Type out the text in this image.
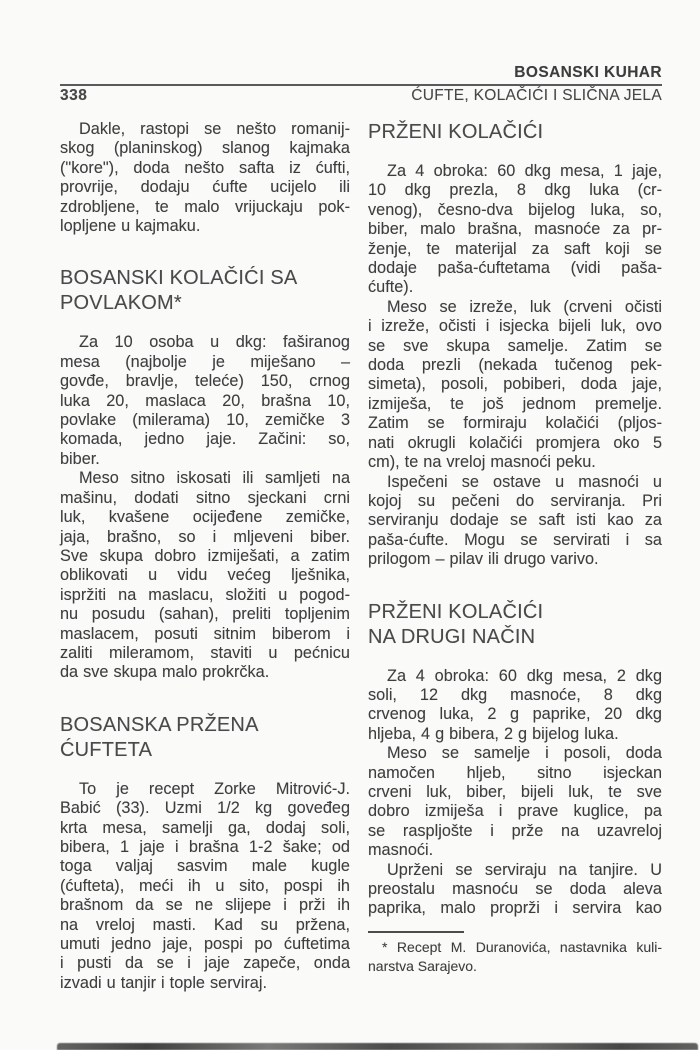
BOSANSKI KUHAR
338	ĆUFTE, KOLAČIĆI I SLIČNA JELA
Dakle, rastopi se nešto romanij-
skog (planinskog) slanog kajmaka
("kore"), doda nešto safta iz ćufti,
provrije, dodaju ćufte ucijelo ili
zdrobljene, te malo vrijuckaju pok-
lopljene u kajmaku.
BOSANSKI KOLAČIĆI SA
POVLAKOM*
Za 10 osoba u dkg: faširanog
mesa (najbolje je miješano –
govđe, bravlje, teleće) 150, crnog
luka 20, maslaca 20, brašna 10,
povlake (milerama) 10, zemičke 3
komada, jedno jaje. Začini: so,
biber.
Meso sitno iskosati ili samljeti na
mašinu, dodati sitno sjeckani crni
luk, kvašene ocijeđene zemičke,
jaja, brašno, so i mljeveni biber.
Sve skupa dobro izmiješati, a zatim
oblikovati u vidu većeg lješnika,
ispržiti na maslacu, složiti u pogod-
nu posudu (sahan), preliti topljenim
maslacem, posuti sitnim biberom i
zaliti mileramom, staviti u pećnicu
da sve skupa malo prokrčka.
BOSANSKA PRŽENA
ĆUFTETA
To je recept Zorke Mitrović-J.
Babić (33). Uzmi 1/2 kg goveđeg
krta mesa, samelji ga, dodaj soli,
bibera, 1 jaje i brašna 1-2 šake; od
toga valjaj sasvim male kugle
(ćufteta), meći ih u sito, pospi ih
brašnom da se ne slijepe i prži ih
na vreloj masti. Kad su pržena,
umuti jedno jaje, pospi po ćuftetima
i pusti da se i jaje zapeče, onda
izvadi u tanjir i tople serviraj.
PRŽENI KOLAČIĆI
Za 4 obroka: 60 dkg mesa, 1 jaje,
10 dkg prezla, 8 dkg luka (cr-
venog), česno-dva bijelog luka, so,
biber, malo brašna, masnoće za pr-
ženje, te materijal za saft koji se
dodaje paša-ćuftetama (vidi paša-
ćufte).
Meso se izreže, luk (crveni očisti
i izreže, očisti i isjecka bijeli luk, ovo
se sve skupa samelje. Zatim se
doda prezli (nekada tučenog pek-
simeta), posoli, pobiberi, doda jaje,
izmiješa, te još jednom premelje.
Zatim se formiraju kolačići (pljos-
nati okrugli kolačići promjera oko 5
cm), te na vreloj masnoći peku.
Ispečeni se ostave u masnoći u
kojoj su pečeni do serviranja. Pri
serviranju dodaje se saft isti kao za
paša-ćufte. Mogu se servirati i sa
prilogom – pilav ili drugo varivo.
PRŽENI KOLAČIĆI
NA DRUGI NAČIN
Za 4 obroka: 60 dkg mesa, 2 dkg
soli, 12 dkg masnoće, 8 dkg
crvenog luka, 2 g paprike, 20 dkg
hljeba, 4 g bibera, 2 g bijelog luka.
Meso se samelje i posoli, doda
namočen hljeb, sitno isjeckan
crveni luk, biber, bijeli luk, te sve
dobro izmiješa i prave kuglice, pa
se raspljošte i prže na uzavreloj
masnoći.
Uprženi se serviraju na tanjire. U
preostalu masnoću se doda aleva
paprika, malo proprži i servira kao
* Recept M. Duranovića, nastavnika kuli-
narstva Sarajevo.
